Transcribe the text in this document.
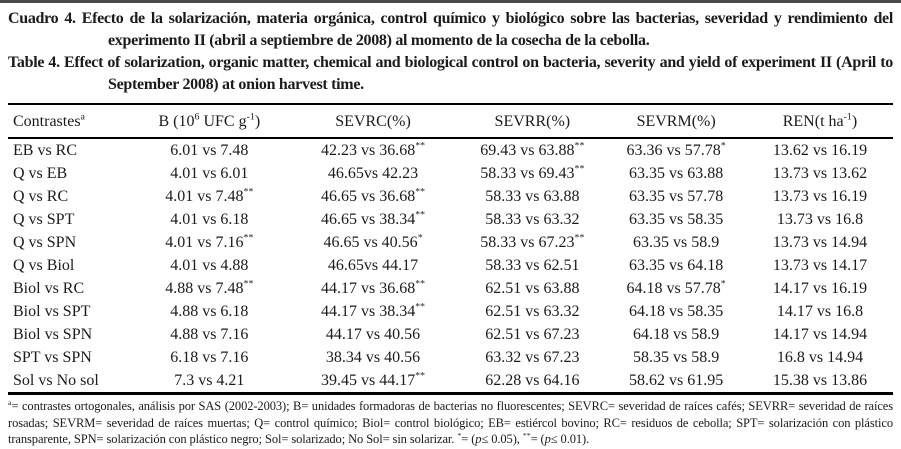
Cuadro 4. Efecto de la solarización, materia orgánica, control químico y biológico sobre las bacterias, severidad y rendimiento del experimento II (abril a septiembre de 2008) al momento de la cosecha de la cebolla.

Table 4. Effect of solarization, organic matter, chemical and biological control on bacteria, severity and yield of experiment II (April to September 2008) at onion harvest time.

Contrastes$^a$	B ($10^6$ UFC $g^{-1}$)	SEVRC(%)	SEVRR(%)	SEVRM(%)	REN(t $ha^{-1}$)
EB vs RC	6.01 vs 7.48	42.23 vs 36.68**	69.43 vs 63.88**	63.36 vs 57.78*	13.62 vs 16.19
Q vs EB	4.01 vs 6.01	46.65vs 42.23	58.33 vs 69.43**	63.35 vs 63.88	13.73 vs 13.62
Q vs RC	4.01 vs 7.48**	46.65 vs 36.68**	58.33 vs 63.88	63.35 vs 57.78	13.73 vs 16.19
Q vs SPT	4.01 vs 6.18	46.65 vs 38.34**	58.33 vs 63.32	63.35 vs 58.35	13.73 vs 16.8
Q vs SPN	4.01 vs 7.16**	46.65 vs 40.56*	58.33 vs 67.23**	63.35 vs 58.9	13.73 vs 14.94
Q vs Biol	4.01 vs 4.88	46.65vs 44.17	58.33 vs 62.51	63.35 vs 64.18	13.73 vs 14.17
Biol vs RC	4.88 vs 7.48**	44.17 vs 36.68**	62.51 vs 63.88	64.18 vs 57.78*	14.17 vs 16.19
Biol vs SPT	4.88 vs 6.18	44.17 vs 38.34**	62.51 vs 63.32	64.18 vs 58.35	14.17 vs 16.8
Biol vs SPN	4.88 vs 7.16	44.17 vs 40.56	62.51 vs 67.23	64.18 vs 58.9	14.17 vs 14.94
SPT vs SPN	6.18 vs 7.16	38.34 vs 40.56	63.32 vs 67.23	58.35 vs 58.9	16.8 vs 14.94
Sol vs No sol	7.3 vs 4.21	39.45 vs 44.17**	62.28 vs 64.16	58.62 vs 61.95	15.38 vs 13.86

$^a$= contrastes ortogonales, análisis por SAS (2002-2003); B= unidades formadoras de bacterias no fluorescentes; SEVRC= severidad de raíces cafés; SEVRR= severidad de raíces rosadas; SEVRM= severidad de raíces muertas; Q= control químico; Biol= control biológico; EB= estiércol bovino; RC= residuos de cebolla; SPT= solarización con plástico transparente, SPN= solarización con plástico negro; Sol= solarizado; No Sol= sin solarizar. *= (p≤ 0.05), **= (p≤ 0.01).
